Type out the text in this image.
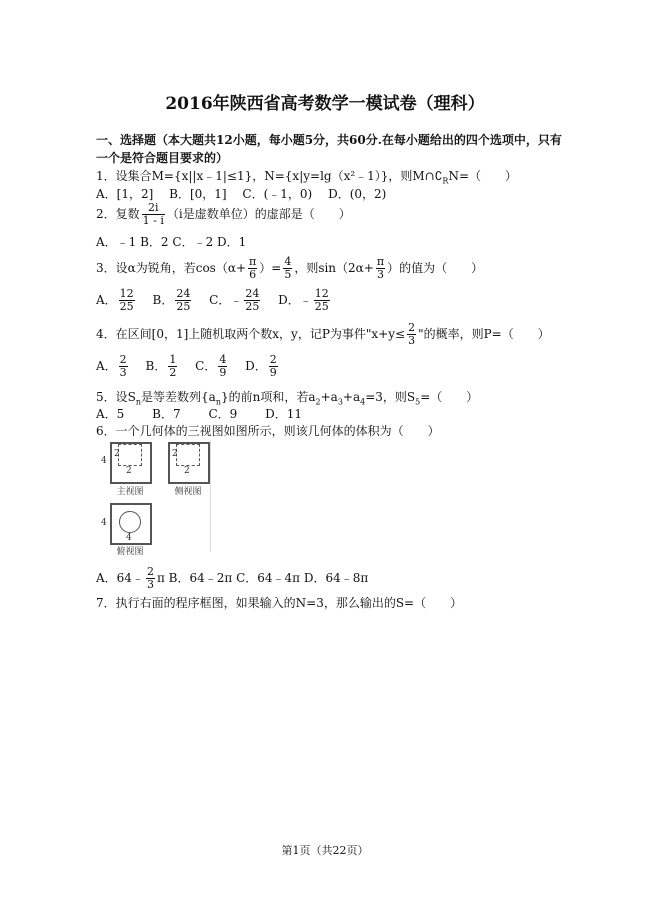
2016年陕西省高考数学一模试卷（理科）
一、选择题（本大题共12小题，每小题5分，共60分.在每小题给出的四个选项中，只有
一个是符合题目要求的）
1．设集合M={x||x﹣1|≤1}，N={x|y=lg（x²﹣1）}，则$M\cap∁_RN=$（　　）
A．[1，2] B．[0，1] C．(﹣1，0) D．(0，2)
2．复数 $\frac{2i}{1 - i} (i$是虚数单位）的虚部是（　　）
A．﹣1 B．2 C．﹣2 D．1
3．设α为锐角，若$\cos(\alpha+ \frac{\pi}{6}$ ）= $\frac{4}{5}$ ，则$\sin(2\alpha+ \frac{\pi}{3}$ ）的值为（　　）
A． $\frac{12}{25}$ B． $\frac{24}{25}$ C．﹣ $\frac{24}{25}$ D．﹣ $\frac{12}{25}$
4．在区间[0，1]上随机取两个数x，y，记P为事件"$x+y\le \frac{2}{3}$ "的概率，则P=（　　）
A． $\frac{2}{3}$ B． $\frac{1}{2}$ C． $\frac{4}{9}$ D． $\frac{2}{9}$
5．设$S_n$是等差数列$\{a_n\}$的前n项和，若$a_2+a_3+a_4=3$，则$S_5=$（　　）
A．5 B．7 C．9 D．11
6．一个几何体的三视图如图所示，则该几何体的体积为（　　）
4
2
2
主视图
2
2
侧视图
4
4
俯视图
A．64﹣ $\frac{2}{3}$ π B．64﹣2π C．64﹣4π D．64﹣8π
7．执行右面的程序框图，如果输入的N=3，那么输出的S=（　　）
第1页（共22页）
